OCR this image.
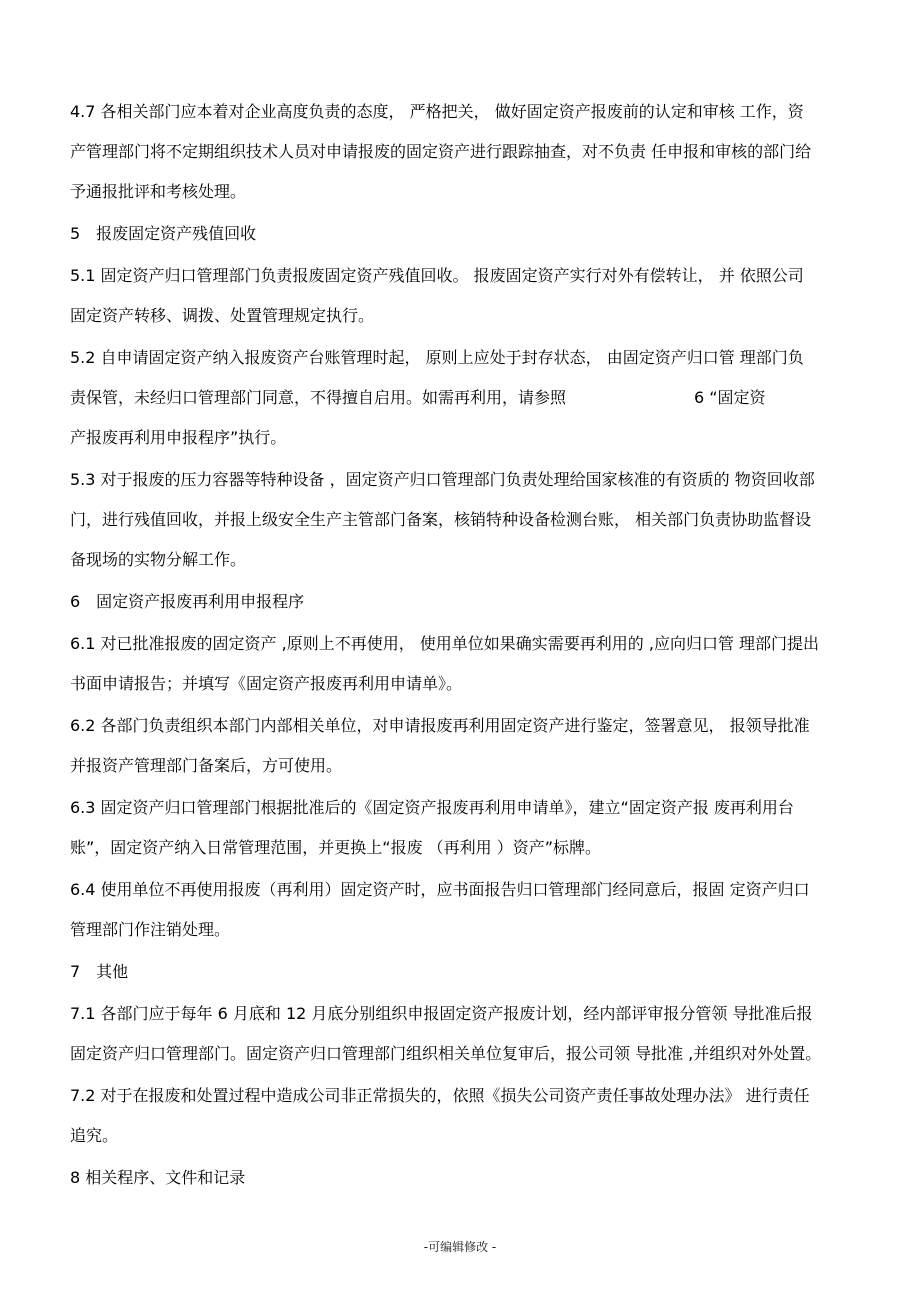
4.7 各相关部门应本着对企业高度负责的态度， 严格把关， 做好固定资产报废前的认定和审核 工作，资
产管理部门将不定期组织技术人员对申请报废的固定资产进行跟踪抽查，对不负责 任申报和审核的部门给
予通报批评和考核处理。
5　报废固定资产残值回收
5.1 固定资产归口管理部门负责报废固定资产残值回收。 报废固定资产实行对外有偿转让， 并 依照公司
固定资产转移、调拨、处置管理规定执行。
5.2 自申请固定资产纳入报废资产台账管理时起， 原则上应处于封存状态， 由固定资产归口管 理部门负
责保管，未经归口管理部门同意，不得擅自启用。如需再利用，请参照　　　　　　　　6 “固定资
产报废再利用申报程序”执行。
5.3 对于报废的压力容器等特种设备 ，固定资产归口管理部门负责处理给国家核准的有资质的 物资回收部
门，进行残值回收，并报上级安全生产主管部门备案，核销特种设备检测台账， 相关部门负责协助监督设
备现场的实物分解工作。
6　固定资产报废再利用申报程序
6.1 对已批准报废的固定资产 ,原则上不再使用， 使用单位如果确实需要再利用的 ,应向归口管 理部门提出
书面申请报告；并填写《固定资产报废再利用申请单》。
6.2 各部门负责组织本部门内部相关单位，对申请报废再利用固定资产进行鉴定，签署意见， 报领导批准
并报资产管理部门备案后，方可使用。
6.3 固定资产归口管理部门根据批准后的《固定资产报废再利用申请单》，建立“固定资产报 废再利用台
账”，固定资产纳入日常管理范围，并更换上“报废 （再利用 ）资产”标牌。
6.4 使用单位不再使用报废（再利用）固定资产时，应书面报告归口管理部门经同意后，报固 定资产归口
管理部门作注销处理。
7　其他
7.1 各部门应于每年 6 月底和 12 月底分别组织申报固定资产报废计划，经内部评审报分管领 导批准后报
固定资产归口管理部门。固定资产归口管理部门组织相关单位复审后，报公司领 导批准 ,并组织对外处置。
7.2 对于在报废和处置过程中造成公司非正常损失的，依照《损失公司资产责任事故处理办法》 进行责任
追究。
8 相关程序、文件和记录
-可编辑修改 -
